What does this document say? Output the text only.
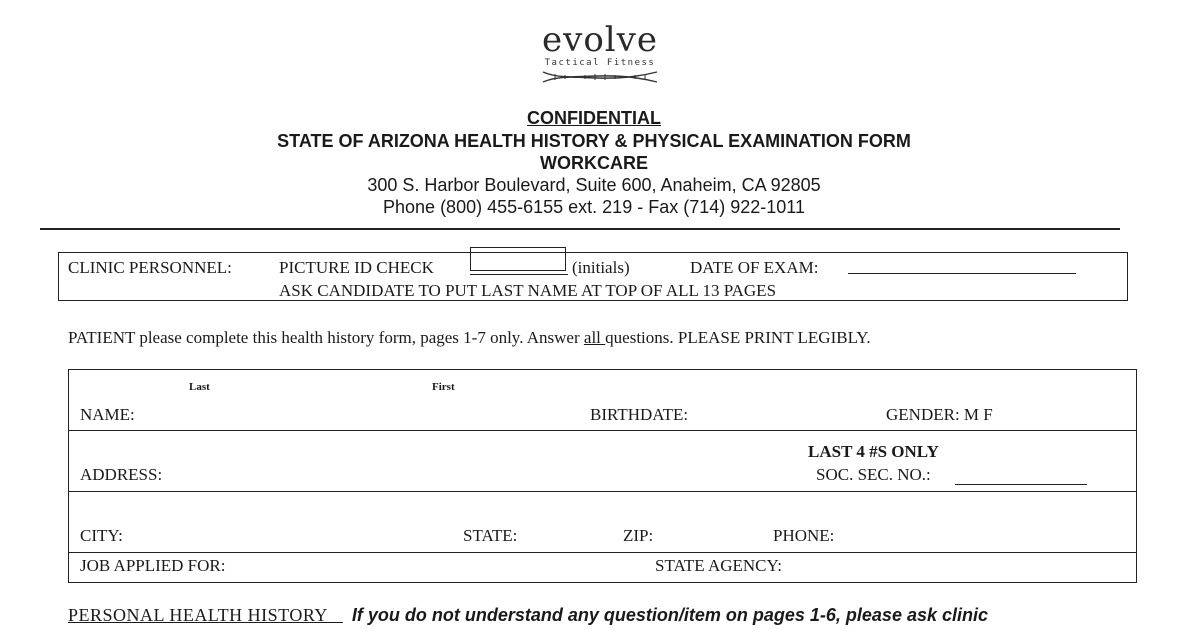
evolve
Tactical Fitness
CONFIDENTIAL
STATE OF ARIZONA HEALTH HISTORY & PHYSICAL EXAMINATION FORM
WORKCARE
300 S. Harbor Boulevard, Suite 600, Anaheim, CA 92805
Phone (800) 455-6155 ext. 219 - Fax (714) 922-1011
CLINIC PERSONNEL:	PICTURE ID CHECK	(initials)	DATE OF EXAM:
ASK CANDIDATE TO PUT LAST NAME AT TOP OF ALL 13 PAGES
PATIENT please complete this health history form, pages 1-7 only. Answer all questions. PLEASE PRINT LEGIBLY.
Last	First
NAME:	BIRTHDATE:	GENDER: M F
ADDRESS:
LAST 4 #S ONLY
SOC. SEC. NO.:
CITY:	STATE:	ZIP:	PHONE:
JOB APPLIED FOR:	STATE AGENCY:
PERSONAL HEALTH HISTORY If you do not understand any question/item on pages 1-6, please ask clinic
